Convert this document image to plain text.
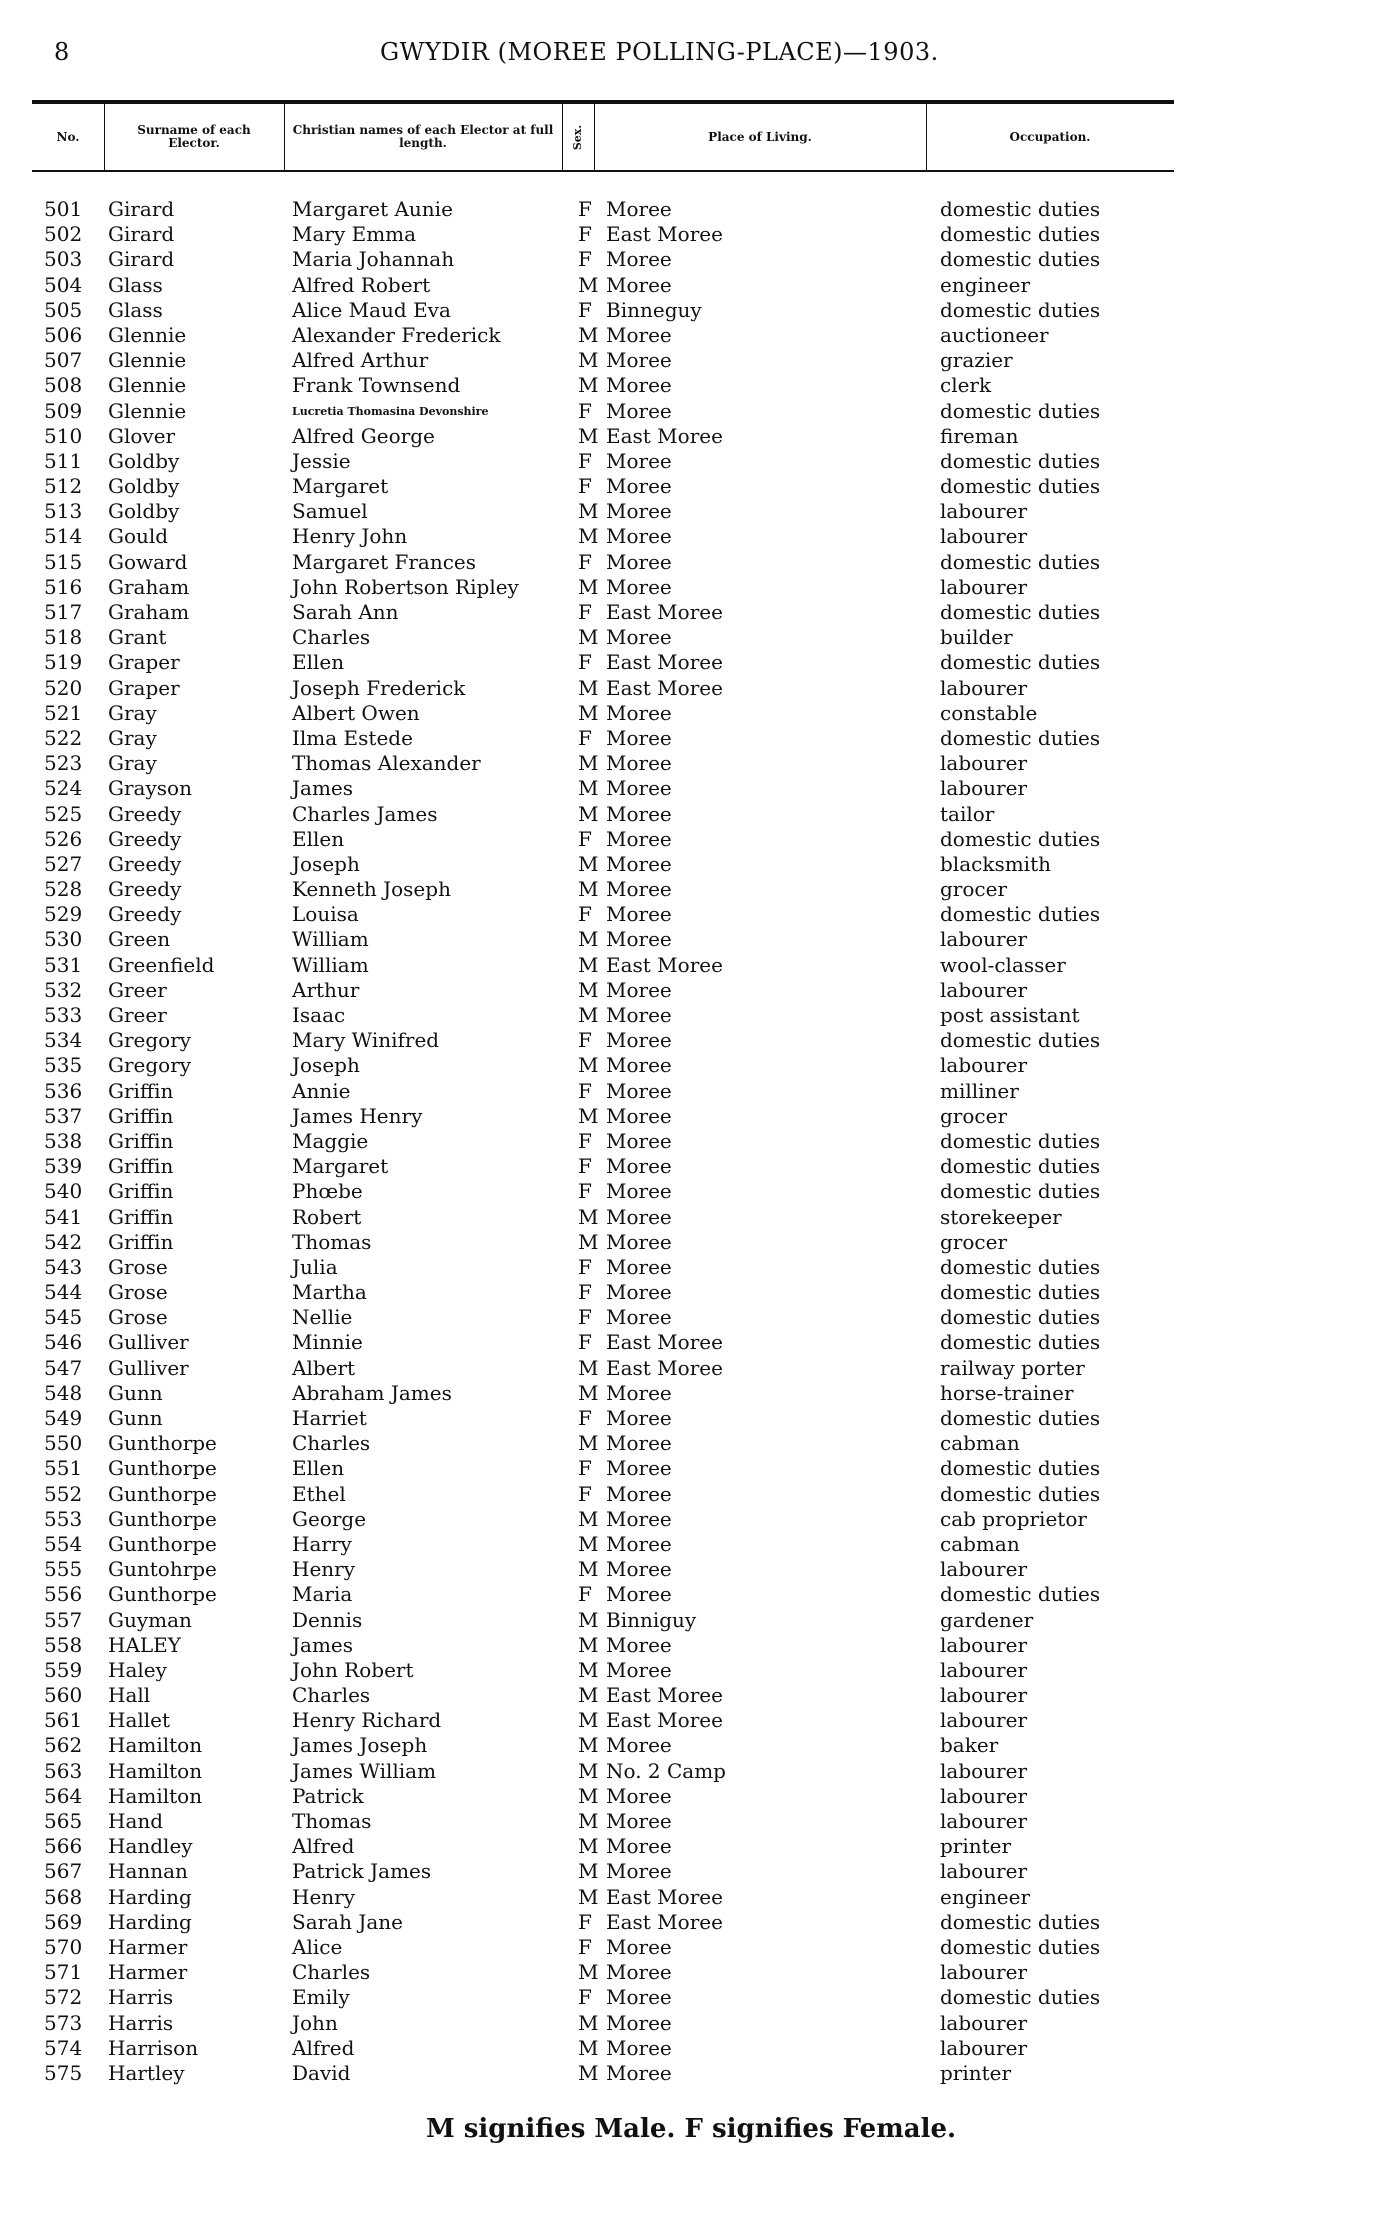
8	GWYDIR (MOREE POLLING-PLACE)—1903.
No.	Surname of each Elector.
Christian names of each Elector at full length.	Sex.	Place of Living.	Occupation.
501 Girard	Margaret Aunie	F Moree	domestic duties
502 Girard	Mary Emma	F East Moree	domestic duties
503 Girard	Maria Johannah	F Moree	domestic duties
504 Glass	Alfred Robert	M Moree	engineer
505 Glass	Alice Maud Eva	F Binneguy	domestic duties
506 Glennie	Alexander Frederick	M Moree	auctioneer
507 Glennie	Alfred Arthur	M Moree	grazier
508 Glennie	Frank Townsend	M Moree	clerk
509 Glennie	Lucretia Thomasina Devonshire	F Moree	domestic duties
510 Glover	Alfred George	M East Moree	fireman
511 Goldby	Jessie	F Moree	domestic duties
512 Goldby	Margaret	F Moree	domestic duties
513 Goldby	Samuel	M Moree	labourer
514 Gould	Henry John	M Moree	labourer
515 Goward	Margaret Frances	F Moree	domestic duties
516 Graham	John Robertson Ripley	M Moree	labourer
517 Graham	Sarah Ann	F East Moree	domestic duties
518 Grant	Charles	M Moree	builder
519 Graper	Ellen	F East Moree	domestic duties
520 Graper	Joseph Frederick	M East Moree	labourer
521 Gray	Albert Owen	M Moree	constable
522 Gray	Ilma Estede	F Moree	domestic duties
523 Gray	Thomas Alexander	M Moree	labourer
524 Grayson	James	M Moree	labourer
525 Greedy	Charles James	M Moree	tailor
526 Greedy	Ellen	F Moree	domestic duties
527 Greedy	Joseph	M Moree	blacksmith
528 Greedy	Kenneth Joseph	M Moree	grocer
529 Greedy	Louisa	F Moree	domestic duties
530 Green	William	M Moree	labourer
531 Greenfield	William	M East Moree	wool-classer
532 Greer	Arthur	M Moree	labourer
533 Greer	Isaac	M Moree	post assistant
534 Gregory	Mary Winifred	F Moree	domestic duties
535 Gregory	Joseph	M Moree	labourer
536 Griffin	Annie	F Moree	milliner
537 Griffin	James Henry	M Moree	grocer
538 Griffin	Maggie	F Moree	domestic duties
539 Griffin	Margaret	F Moree	domestic duties
540 Griffin	Phœbe	F Moree	domestic duties
541 Griffin	Robert	M Moree	storekeeper
542 Griffin	Thomas	M Moree	grocer
543 Grose	Julia	F Moree	domestic duties
544 Grose	Martha	F Moree	domestic duties
545 Grose	Nellie	F Moree	domestic duties
546 Gulliver	Minnie	F East Moree	domestic duties
547 Gulliver	Albert	M East Moree	railway porter
548 Gunn	Abraham James	M Moree	horse-trainer
549 Gunn	Harriet	F Moree	domestic duties
550 Gunthorpe	Charles	M Moree	cabman
551 Gunthorpe	Ellen	F Moree	domestic duties
552 Gunthorpe	Ethel	F Moree	domestic duties
553 Gunthorpe	George	M Moree	cab proprietor
554 Gunthorpe	Harry	M Moree	cabman
555 Guntohrpe	Henry	M Moree	labourer
556 Gunthorpe	Maria	F Moree	domestic duties
557 Guyman	Dennis	M Binniguy	gardener
558 HALEY	James	M Moree	labourer
559 Haley	John Robert	M Moree	labourer
560 Hall	Charles	M East Moree	labourer
561 Hallet	Henry Richard	M East Moree	labourer
562 Hamilton	James Joseph	M Moree	baker
563 Hamilton	James William	M No. 2 Camp	labourer
564 Hamilton	Patrick	M Moree	labourer
565 Hand	Thomas	M Moree	labourer
566 Handley	Alfred	M Moree	printer
567 Hannan	Patrick James	M Moree	labourer
568 Harding	Henry	M East Moree	engineer
569 Harding	Sarah Jane	F East Moree	domestic duties
570 Harmer	Alice	F Moree	domestic duties
571 Harmer	Charles	M Moree	labourer
572 Harris	Emily	F Moree	domestic duties
573 Harris	John	M Moree	labourer
574 Harrison	Alfred	M Moree	labourer
575 Hartley	David	M Moree	printer
M signifies Male. F signifies Female.
